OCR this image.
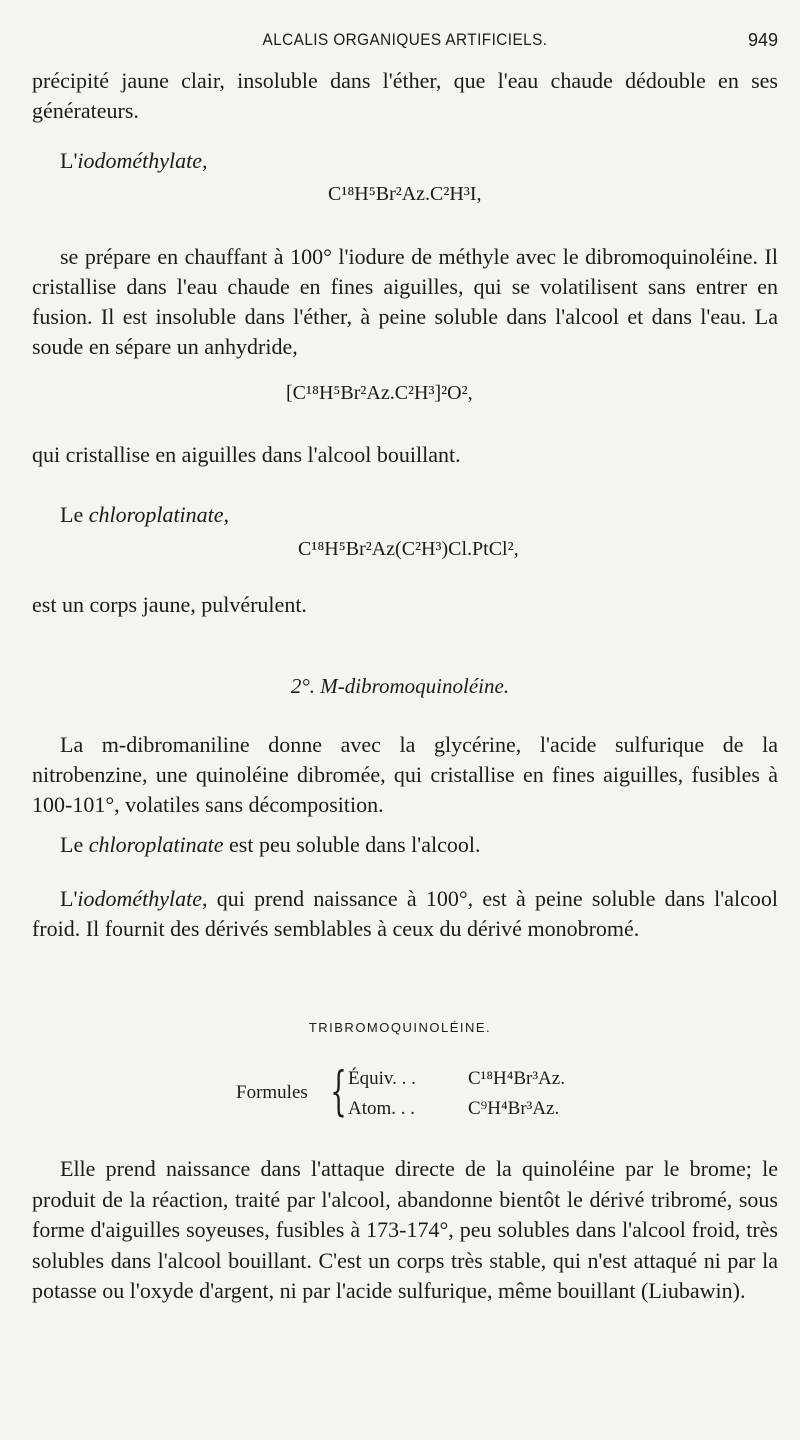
ALCALIS ORGANIQUES ARTIFICIELS.	949
précipité jaune clair, insoluble dans l'éther, que l'eau chaude dédouble en ses générateurs.
L'iodométhylate,
C¹⁸H⁵Br²Az.C²H³I,
se prépare en chauffant à 100° l'iodure de méthyle avec le dibromoquinoléine. Il cristallise dans l'eau chaude en fines aiguilles, qui se volatilisent sans entrer en fusion. Il est insoluble dans l'éther, à peine soluble dans l'alcool et dans l'eau. La soude en sépare un anhydride,
[C¹⁸H⁵Br²Az.C²H³]²O²,
qui cristallise en aiguilles dans l'alcool bouillant.
Le chloroplatinate,
C¹⁸H⁵Br²Az(C²H³)Cl.PtCl²,
est un corps jaune, pulvérulent.
2°. M-dibromoquinoléine.
La m-dibromaniline donne avec la glycérine, l'acide sulfurique de la nitrobenzine, une quinoléine dibromée, qui cristallise en fines aiguilles, fusibles à 100-101°, volatiles sans décomposition.
Le chloroplatinate est peu soluble dans l'alcool.
L'iodométhylate, qui prend naissance à 100°, est à peine soluble dans l'alcool froid. Il fournit des dérivés semblables à ceux du dérivé monobromé.
TRIBROMOQUINOLÉINE.
Formules { Équiv. . .	C¹⁸H⁴Br³Az.
Atom. . .	C⁹H⁴Br³Az.
Elle prend naissance dans l'attaque directe de la quinoléine par le brome; le produit de la réaction, traité par l'alcool, abandonne bientôt le dérivé tribromé, sous forme d'aiguilles soyeuses, fusibles à 173-174°, peu solubles dans l'alcool froid, très solubles dans l'alcool bouillant. C'est un corps très stable, qui n'est attaqué ni par la potasse ou l'oxyde d'argent, ni par l'acide sulfurique, même bouillant (Liubawin).
